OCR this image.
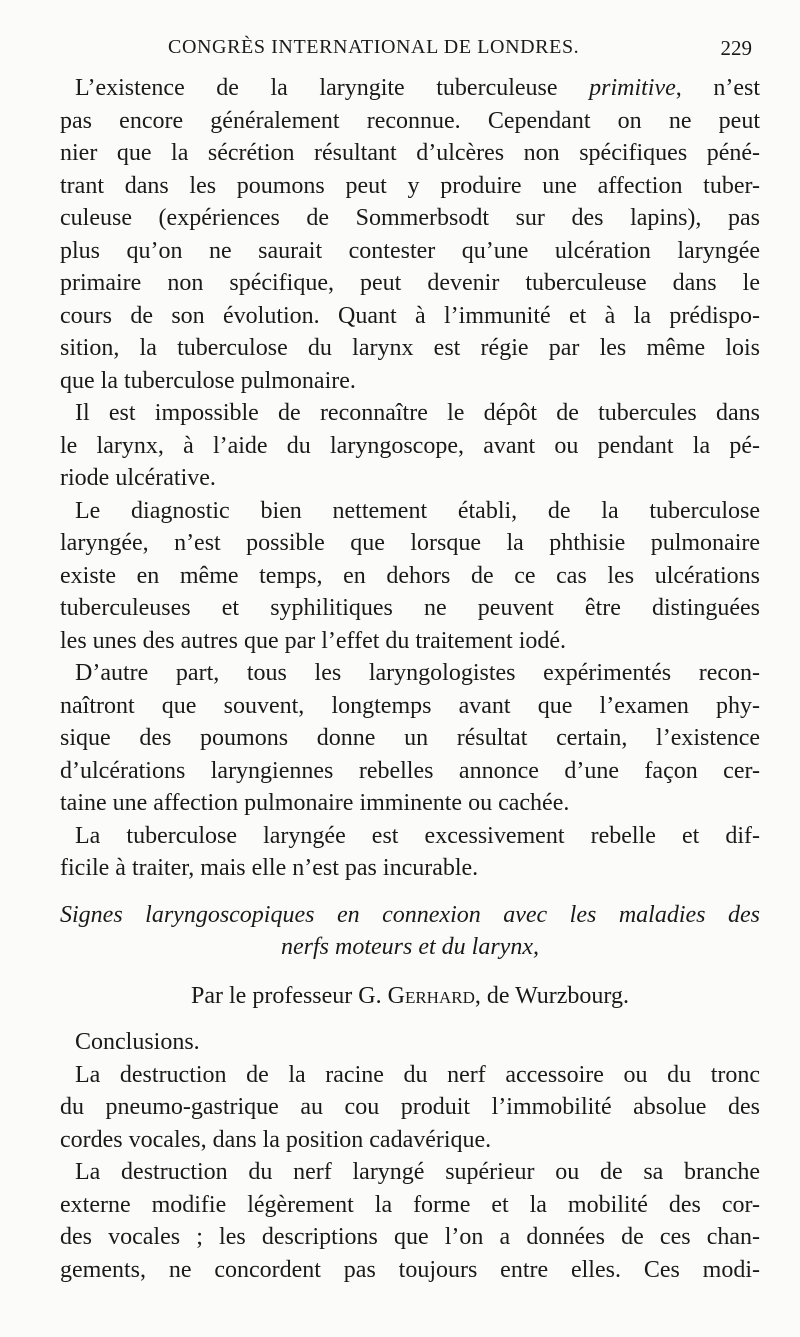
CONGRÈS INTERNATIONAL DE LONDRES.	229
L’existence de la laryngite tuberculeuse primitive, n’est
pas encore généralement reconnue. Cependant on ne peut
nier que la sécrétion résultant d’ulcères non spécifiques péné-
trant dans les poumons peut y produire une affection tuber-
culeuse (expériences de Sommerbsodt sur des lapins), pas
plus qu’on ne saurait contester qu’une ulcération laryngée
primaire non spécifique, peut devenir tuberculeuse dans le
cours de son évolution. Quant à l’immunité et à la prédispo-
sition, la tuberculose du larynx est régie par les même lois
que la tuberculose pulmonaire.
Il est impossible de reconnaître le dépôt de tubercules dans
le larynx, à l’aide du laryngoscope, avant ou pendant la pé-
riode ulcérative.
Le diagnostic bien nettement établi, de la tuberculose
laryngée, n’est possible que lorsque la phthisie pulmonaire
existe en même temps, en dehors de ce cas les ulcérations
tuberculeuses et syphilitiques ne peuvent être distinguées
les unes des autres que par l’effet du traitement iodé.
D’autre part, tous les laryngologistes expérimentés recon-
naîtront que souvent, longtemps avant que l’examen phy-
sique des poumons donne un résultat certain, l’existence
d’ulcérations laryngiennes rebelles annonce d’une façon cer-
taine une affection pulmonaire imminente ou cachée.
La tuberculose laryngée est excessivement rebelle et dif-
ficile à traiter, mais elle n’est pas incurable.
Signes laryngoscopiques en connexion avec les maladies des
nerfs moteurs et du larynx,
Par le professeur G. Gerhard, de Wurzbourg.
Conclusions.
La destruction de la racine du nerf accessoire ou du tronc
du pneumo-gastrique au cou produit l’immobilité absolue des
cordes vocales, dans la position cadavérique.
La destruction du nerf laryngé supérieur ou de sa branche
externe modifie légèrement la forme et la mobilité des cor-
des vocales ; les descriptions que l’on a données de ces chan-
gements, ne concordent pas toujours entre elles. Ces modi-
